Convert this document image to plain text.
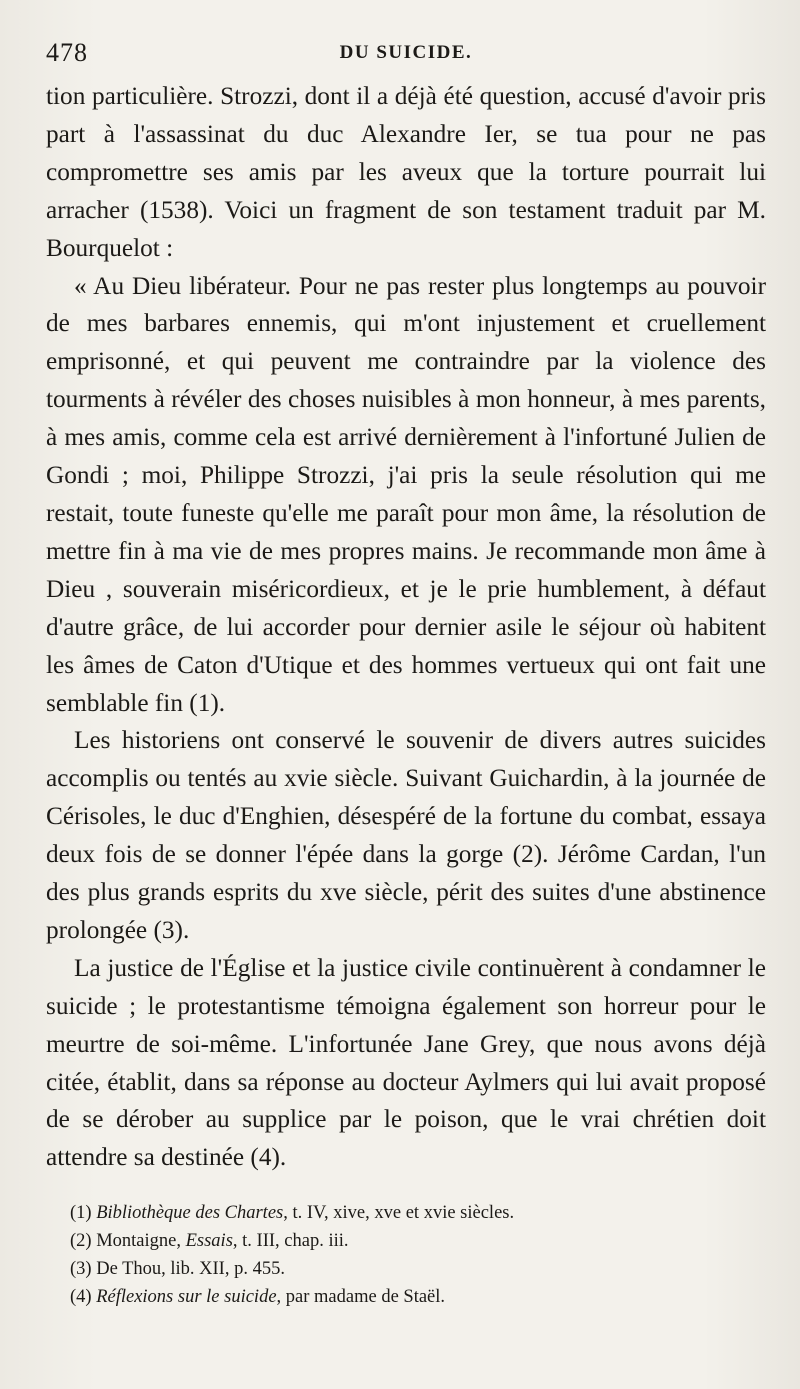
478	DU SUICIDE.

tion particulière. Strozzi, dont il a déjà été question, accusé d'avoir pris part à l'assassinat du duc Alexandre Ier, se tua pour ne pas compromettre ses amis par les aveux que la torture pourrait lui arracher (1538). Voici un fragment de son testament traduit par M. Bourquelot :

« Au Dieu libérateur. Pour ne pas rester plus longtemps au pouvoir de mes barbares ennemis, qui m'ont injustement et cruellement emprisonné, et qui peuvent me contraindre par la violence des tourments à révéler des choses nuisibles à mon honneur, à mes parents, à mes amis, comme cela est arrivé dernièrement à l'infortuné Julien de Gondi ; moi, Philippe Strozzi, j'ai pris la seule résolution qui me restait, toute funeste qu'elle me paraît pour mon âme, la résolution de mettre fin à ma vie de mes propres mains. Je recommande mon âme à Dieu , souverain miséricordieux, et je le prie humblement, à défaut d'autre grâce, de lui accorder pour dernier asile le séjour où habitent les âmes de Caton d'Utique et des hommes vertueux qui ont fait une semblable fin (1).

Les historiens ont conservé le souvenir de divers autres suicides accomplis ou tentés au xvie siècle. Suivant Guichardin, à la journée de Cérisoles, le duc d'Enghien, désespéré de la fortune du combat, essaya deux fois de se donner l'épée dans la gorge (2). Jérôme Cardan, l'un des plus grands esprits du xve siècle, périt des suites d'une abstinence prolongée (3).

La justice de l'Église et la justice civile continuèrent à condamner le suicide ; le protestantisme témoigna également son horreur pour le meurtre de soi-même. L'infortunée Jane Grey, que nous avons déjà citée, établit, dans sa réponse au docteur Aylmers qui lui avait proposé de se dérober au supplice par le poison, que le vrai chrétien doit attendre sa destinée (4).

(1) Bibliothèque des Chartes, t. IV, xive, xve et xvie siècles.
(2) Montaigne, Essais, t. III, chap. iii.
(3) De Thou, lib. XII, p. 455.
(4) Réflexions sur le suicide, par madame de Staël.
